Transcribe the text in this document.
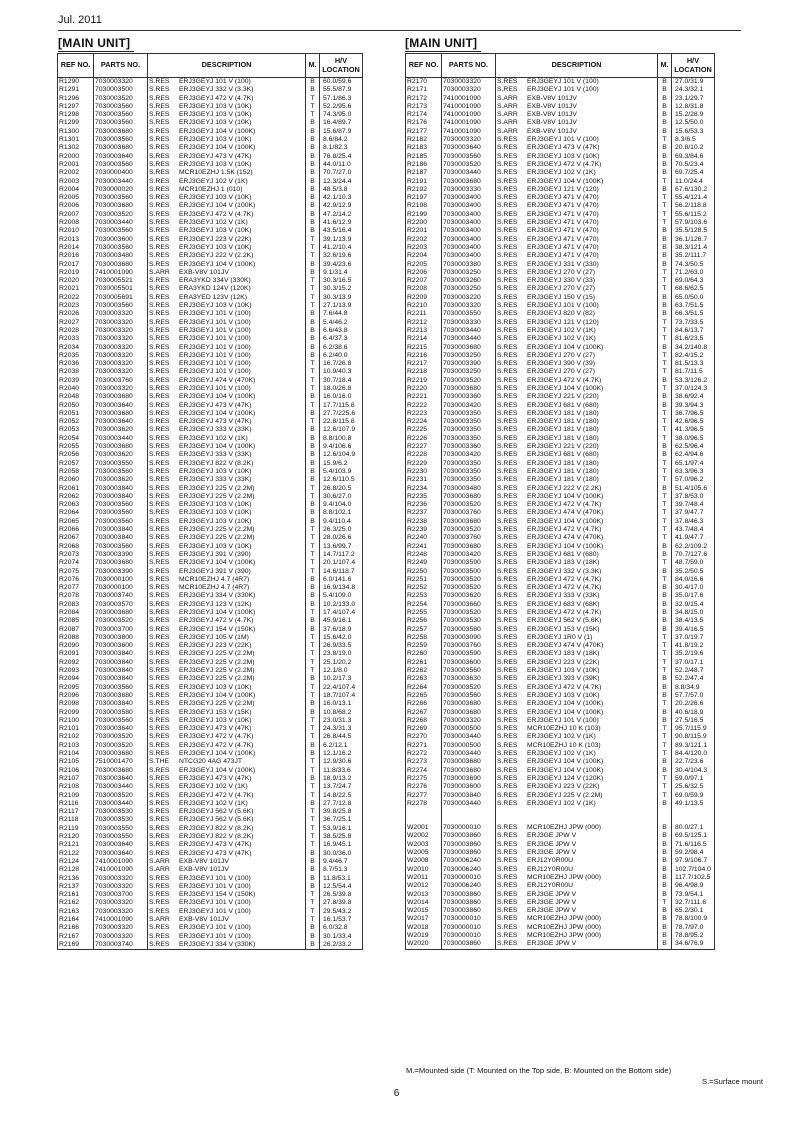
Jul. 2011
[MAIN UNIT]	[MAIN UNIT]
REF NO.	PARTS NO.	DESCRIPTION	M.	H/V LOCATION
R1290	7030003320	S.RES ERJ3GEYJ 101 V (100)	B	60.0/59.6
R1291	7030003500	S.RES ERJ3GEYJ 332 V (3.3K)	B	55.5/87.9
R1296	7030003520	S.RES ERJ3GEYJ 472 V (4.7K)	T	57.1/86.3
R1297	7030003560	S.RES ERJ3GEYJ 103 V (10K)	T	52.2/95.6
R1298	7030003560	S.RES ERJ3GEYJ 103 V (10K)	T	74.3/95.0
R1299	7030003560	S.RES ERJ3GEYJ 103 V (10K)	B	16.4/89.7
R1300	7030003680	S.RES ERJ3GEYJ 104 V (100K)	B	15.6/87.9
R1301	7030003560	S.RES ERJ3GEYJ 103 V (10K)	B	8.6/84.2
R1302	7030003680	S.RES ERJ3GEYJ 104 V (100K)	B	8.1/82.3
R2000	7030003640	S.RES ERJ3GEYJ 473 V (47K)	B	76.8/25.4
R2001	7030003560	S.RES ERJ3GEYJ 103 V (10K)	B	44.0/11.0
R2002	7030000400	S.RES MCR10EZHJ 1.5K (152)	B	70.7/27.0
R2003	7030003440	S.RES ERJ3GEYJ 102 V (1K)	B	12.3/24.4
R2004	7030000020	S.RES MCR10EZHJ 1 (010)	B	48.5/3.8
R2005	7030003560	S.RES ERJ3GEYJ 103 V (10K)	B	42.1/10.3
R2006	7030003680	S.RES ERJ3GEYJ 104 V (100K)	B	42.9/12.9
R2007	7030003520	S.RES ERJ3GEYJ 472 V (4.7K)	B	47.2/14.2
R2008	7030003440	S.RES ERJ3GEYJ 102 V (1K)	B	41.6/12.9
R2010	7030003560	S.RES ERJ3GEYJ 103 V (10K)	B	43.5/16.4
R2013	7030003600	S.RES ERJ3GEYJ 223 V (22K)	T	39.1/13.9
R2014	7030003560	S.RES ERJ3GEYJ 103 V (10K)	T	41.2/10.4
R2016	7030003480	S.RES ERJ3GEYJ 222 V (2.2K)	T	32.6/19.6
R2017	7030003680	S.RES ERJ3GEYJ 104 V (100K)	B	39.4/23.6
R2019	7410001090	S.ARR EXB-V8V 101JV	B	9.1/31.4
R2020	7030005521	S.RES ERA3YKD 334V (330K)	T	30.3/16.5
R2021	7030005501	S.RES ERA3YKD 124V (120K)	T	30.3/15.2
R2022	7030005691	S.RES ERA3YED 123V (12K)	T	30.3/13.9
R2023	7030003560	S.RES ERJ3GEYJ 103 V (10K)	T	27.1/13.9
R2026	7030003320	S.RES ERJ3GEYJ 101 V (100)	B	7.6/44.8
R2027	7030003320	S.RES ERJ3GEYJ 101 V (100)	B	5.4/46.2
R2028	7030003320	S.RES ERJ3GEYJ 101 V (100)	B	6.6/43.8
R2033	7030003320	S.RES ERJ3GEYJ 101 V (100)	B	6.4/37.3
R2034	7030003320	S.RES ERJ3GEYJ 101 V (100)	B	6.2/38.6
R2035	7030003320	S.RES ERJ3GEYJ 101 V (100)	B	6.2/40.0
R2036	7030003320	S.RES ERJ3GEYJ 101 V (100)	T	16.7/26.8
R2038	7030003320	S.RES ERJ3GEYJ 101 V (100)	T	10.9/40.3
R2039	7030003760	S.RES ERJ3GEYJ 474 V (470K)	T	30.7/18.4
R2040	7030003320	S.RES ERJ3GEYJ 101 V (100)	T	18.0/26.8
R2048	7030003680	S.RES ERJ3GEYJ 104 V (100K)	B	16.0/16.0
R2050	7030003640	S.RES ERJ3GEYJ 473 V (47K)	T	17.7/115.6
R2051	7030003680	S.RES ERJ3GEYJ 104 V (100K)	B	27.7/225.6
R2052	7030003640	S.RES ERJ3GEYJ 473 V (47K)	T	22.8/115.6
R2053	7030003620	S.RES ERJ3GEYJ 333 V (33K)	B	12.6/107.9
R2054	7030003440	S.RES ERJ3GEYJ 102 V (1K)	B	8.8/100.8
R2055	7030003680	S.RES ERJ3GEYJ 104 V (100K)	B	9.4/106.6
R2056	7030003620	S.RES ERJ3GEYJ 333 V (33K)	B	12.6/104.9
R2057	7030003550	S.RES ERJ3GEYJ 822 V (8.2K)	B	15.9/6.2
R2058	7030003560	S.RES ERJ3GEYJ 103 V (10K)	B	5.4/103.9
R2060	7030003620	S.RES ERJ3GEYJ 333 V (33K)	B	12.6/110.5
R2061	7030003840	S.RES ERJ3GEYJ 225 V (2.2M)	T	26.8/20.5
R2062	7030003840	S.RES ERJ3GEYJ 225 V (2.2M)	T	30.6/27.0
R2063	7030003560	S.RES ERJ3GEYJ 103 V (10K)	B	9.4/104.0
R2064	7030003560	S.RES ERJ3GEYJ 103 V (10K)	B	8.8/102.1
R2065	7030003560	S.RES ERJ3GEYJ 103 V (10K)	B	9.4/110.4
R2066	7030003840	S.RES ERJ3GEYJ 225 V (2.2M)	T	26.3/25.0
R2067	7030003840	S.RES ERJ3GEYJ 225 V (2.2M)	T	28.0/26.6
R2068	7030003560	S.RES ERJ3GEYJ 103 V (10K)	T	13.6/99.7
R2073	7030003390	S.RES ERJ3GEYJ 391 V (390)	T	14.7/117.2
R2074	7030003680	S.RES ERJ3GEYJ 104 V (100K)	T	20.1/107.4
R2075	7030003390	S.RES ERJ3GEYJ 391 V (390)	T	14.6/118.7
R2076	7030000100	S.RES MCR10EZHJ 4.7 (4R7)	B	6.0/141.6
R2077	7030000100	S.RES MCR10EZHJ 4.7 (4R7)	B	16.9/134.8
R2078	7030003740	S.RES ERJ3GEYJ 334 V (330K)	B	5.4/109.0
R2083	7030003570	S.RES ERJ3GEYJ 123 V (12K)	B	10.2/133.0
R2084	7030003680	S.RES ERJ3GEYJ 104 V (100K)	T	17.4/107.4
R2085	7030003520	S.RES ERJ3GEYJ 472 V (4.7K)	B	45.9/16.1
R2087	7030003700	S.RES ERJ3GEYJ 154 V (150K)	B	37.6/18.9
R2088	7030003800	S.RES ERJ3GEYJ 105 V (1M)	T	15.6/42.0
R2090	7030003600	S.RES ERJ3GEYJ 223 V (22K)	T	26.9/33.5
R2091	7030003840	S.RES ERJ3GEYJ 225 V (2.2M)	T	23.8/19.0
R2092	7030003840	S.RES ERJ3GEYJ 225 V (2.2M)	T	25.1/20.2
R2093	7030003840	S.RES ERJ3GEYJ 225 V (2.2M)	T	12.1/8.0
R2094	7030003840	S.RES ERJ3GEYJ 225 V (2.2M)	B	10.2/17.3
R2095	7030003560	S.RES ERJ3GEYJ 103 V (10K)	T	22.4/107.4
R2096	7030003680	S.RES ERJ3GEYJ 104 V (100K)	T	18.7/107.4
R2098	7030003840	S.RES ERJ3GEYJ 225 V (2.2M)	B	16.0/13.1
R2099	7030003580	S.RES ERJ3GEYJ 153 V (15K)	B	10.8/68.2
R2100	7030003560	S.RES ERJ3GEYJ 103 V (10K)	T	23.0/31.3
R2101	7030003640	S.RES ERJ3GEYJ 473 V (47K)	T	24.3/31.3
R2102	7030003520	S.RES ERJ3GEYJ 472 V (4.7K)	T	26.8/44.5
R2103	7030003520	S.RES ERJ3GEYJ 472 V (4.7K)	B	6.2/12.1
R2104	7030003680	S.RES ERJ3GEYJ 104 V (100K)	B	12.1/16.2
R2105	7510001470	S.THE NTCG20 4AG 473JT	T	12.9/30.6
R2106	7030003680	S.RES ERJ3GEYJ 104 V (100K)	T	11.8/33.6
R2107	7030003640	S.RES ERJ3GEYJ 473 V (47K)	B	18.9/13.2
R2108	7030003440	S.RES ERJ3GEYJ 102 V (1K)	T	13.7/24.7
R2109	7030003520	S.RES ERJ3GEYJ 472 V (4.7K)	T	14.8/22.5
R2116	7030003440	S.RES ERJ3GEYJ 102 V (1K)	B	27.7/12.8
R2117	7030003530	S.RES ERJ3GEYJ 562 V (5.6K)	T	39.8/25.8
R2118	7030003530	S.RES ERJ3GEYJ 562 V (5.6K)	T	36.7/25.1
R2119	7030003550	S.RES ERJ3GEYJ 822 V (8.2K)	T	53.9/16.1
R2120	7030003550	S.RES ERJ3GEYJ 822 V (8.2K)	T	38.5/25.8
R2121	7030003640	S.RES ERJ3GEYJ 473 V (47K)	T	16.9/45.1
R2122	7030003640	S.RES ERJ3GEYJ 473 V (47K)	B	30.0/36.0
R2124	7410001090	S.ARR EXB-V8V 101JV	B	9.4/46.7
R2128	7410001090	S.ARR EXB-V8V 101JV	B	8.7/51.3
R2136	7030003320	S.RES ERJ3GEYJ 101 V (100)	B	11.8/53.1
R2137	7030003320	S.RES ERJ3GEYJ 101 V (100)	B	12.5/54.4
R2161	7030003700	S.RES ERJ3GEYJ 154 V (150K)	T	26.5/39.8
R2162	7030003320	S.RES ERJ3GEYJ 101 V (100)	T	27.8/39.8
R2163	7030003320	S.RES ERJ3GEYJ 101 V (100)	T	29.5/43.2
R2164	7410001090	S.ARR EXB-V8V 101JV	T	16.1/53.7
R2166	7030003320	S.RES ERJ3GEYJ 101 V (100)	B	6.0/32.8
R2167	7030003320	S.RES ERJ3GEYJ 101 V (100)	B	30.1/33.4
R2169	7030003740	S.RES ERJ3GEYJ 334 V (330K)	B	26.2/33.2
REF NO.	PARTS NO.	DESCRIPTION	M.	H/V LOCATION
R2170	7030003320	S.RES ERJ3GEYJ 101 V (100)	B	27.0/31.9
R2171	7030003320	S.RES ERJ3GEYJ 101 V (100)	B	24.3/32.1
R2172	7410001090	S.ARR EXB-V8V 101JV	B	23.1/29.7
R2173	7410001090	S.ARR EXB-V8V 101JV	B	12.8/31.8
R2174	7410001090	S.ARR EXB-V8V 101JV	B	15.2/28.9
R2176	7410001090	S.ARR EXB-V8V 101JV	B	12.5/50.0
R2177	7410001090	S.ARR EXB-V8V 101JV	B	15.6/53.3
R2182	7030003320	S.RES ERJ3GEYJ 101 V (100)	T	8.3/6.5
R2183	7030003640	S.RES ERJ3GEYJ 473 V (47K)	B	20.8/10.2
R2185	7030003560	S.RES ERJ3GEYJ 103 V (10K)	B	69.3/84.6
R2186	7030003520	S.RES ERJ3GEYJ 472 V (4.7K)	B	70.5/23.4
R2187	7030003440	S.RES ERJ3GEYJ 102 V (1K)	B	69.7/25.4
R2191	7030003680	S.RES ERJ3GEYJ 104 V (100K)	T	11.0/24.4
R2192	7030003330	S.RES ERJ3GEYJ 121 V (120)	B	67.6/130.2
R2197	7030003400	S.RES ERJ3GEYJ 471 V (470)	T	55.4/121.4
R2198	7030003400	S.RES ERJ3GEYJ 471 V (470)	T	56.2/118.8
R2199	7030003400	S.RES ERJ3GEYJ 471 V (470)	T	55.6/115.2
R2200	7030003400	S.RES ERJ3GEYJ 471 V (470)	T	57.9/103.6
R2201	7030003400	S.RES ERJ3GEYJ 471 V (470)	B	35.5/128.5
R2202	7030003400	S.RES ERJ3GEYJ 471 V (470)	B	36.1/126.7
R2203	7030003400	S.RES ERJ3GEYJ 471 V (470)	B	38.3/121.4
R2204	7030003400	S.RES ERJ3GEYJ 471 V (470)	B	35.2/111.7
R2205	7030003380	S.RES ERJ3GEYJ 331 V (330)	B	74.3/50.5
R2206	7030003250	S.RES ERJ3GEYJ 270 V (27)	T	71.2/63.0
R2207	7030003260	S.RES ERJ3GEYJ 330 V (33)	T	69.0/64.3
R2208	7030003250	S.RES ERJ3GEYJ 270 V (27)	T	68.6/62.5
R2209	7030003220	S.RES ERJ3GEYJ 150 V (15)	B	65.0/50.0
R2210	7030003320	S.RES ERJ3GEYJ 101 V (100)	B	63.7/51.5
R2211	7030003550	S.RES ERJ3GEYJ 820 V (82)	B	66.3/51.5
R2212	7030003330	S.RES ERJ3GEYJ 121 V (120)	T	73.7/33.5
R2213	7030003440	S.RES ERJ3GEYJ 102 V (1K)	T	84.6/13.7
R2214	7030003440	S.RES ERJ3GEYJ 102 V (1K)	T	81.6/23.5
R2215	7030003680	S.RES ERJ3GEYJ 104 V (100K)	B	34.2/140.8
R2216	7030003250	S.RES ERJ3GEYJ 270 V (27)	T	82.4/15.2
R2217	7030003390	S.RES ERJ3GEYJ 390 V (39)	T	81.5/13.3
R2218	7030003250	S.RES ERJ3GEYJ 270 V (27)	T	81.7/11.5
R2219	7030003520	S.RES ERJ3GEYJ 472 V (4.7K)	B	53.3/126.2
R2220	7030003680	S.RES ERJ3GEYJ 104 V (100K)	T	37.0/124.3
R2221	7030003360	S.RES ERJ3GEYJ 221 V (220)	B	38.6/92.4
R2222	7030003420	S.RES ERJ3GEYJ 681 V (680)	B	39.3/94.3
R2223	7030003350	S.RES ERJ3GEYJ 181 V (180)	T	36.7/96.5
R2224	7030003350	S.RES ERJ3GEYJ 181 V (180)	T	42.6/96.5
R2225	7030003350	S.RES ERJ3GEYJ 181 V (180)	T	41.3/96.5
R2226	7030003350	S.RES ERJ3GEYJ 181 V (180)	T	38.0/96.5
R2227	7030003360	S.RES ERJ3GEYJ 221 V (220)	B	62.5/96.4
R2228	7030003420	S.RES ERJ3GEYJ 681 V (680)	B	62.4/94.6
R2229	7030003350	S.RES ERJ3GEYJ 181 V (180)	T	65.1/97.4
R2230	7030003350	S.RES ERJ3GEYJ 181 V (180)	T	63.3/96.3
R2231	7030003350	S.RES ERJ3GEYJ 181 V (180)	T	57.0/96.2
R2234	7030003480	S.RES ERJ3GEYJ 222 V (2.2K)	B	51.4/105.6
R2235	7030003680	S.RES ERJ3GEYJ 104 V (100K)	T	37.8/53.0
R2236	7030003520	S.RES ERJ3GEYJ 472 V (4.7K)	T	39.7/48.4
R2237	7030003760	S.RES ERJ3GEYJ 474 V (470K)	T	37.9/47.7
R2238	7030003680	S.RES ERJ3GEYJ 104 V (100K)	T	37.8/46.3
R2239	7030003520	S.RES ERJ3GEYJ 472 V (4.7K)	T	43.7/48.4
R2240	7030003760	S.RES ERJ3GEYJ 474 V (470K)	T	41.9/47.7
R2241	7030003680	S.RES ERJ3GEYJ 104 V (100K)	B	62.2/109.2
R2248	7030003420	S.RES ERJ3GEYJ 681 V (680)	B	70.7/127.6
R2249	7030003590	S.RES ERJ3GEYJ 183 V (18K)	T	48.7/59.0
R2250	7030003500	S.RES ERJ3GEYJ 332 V (3.3K)	B	35.2/50.5
R2251	7030003520	S.RES ERJ3GEYJ 472 V (4.7K)	T	84.0/16.6
R2252	7030003520	S.RES ERJ3GEYJ 472 V (4.7K)	B	30.4/17.0
R2253	7030003620	S.RES ERJ3GEYJ 333 V (33K)	B	35.0/17.6
R2254	7030003660	S.RES ERJ3GEYJ 683 V (68K)	B	32.9/15.4
R2255	7030003520	S.RES ERJ3GEYJ 472 V (4.7K)	B	34.8/15.0
R2256	7030003530	S.RES ERJ3GEYJ 562 V (5.6K)	B	38.4/13.5
R2257	7030003580	S.RES ERJ3GEYJ 153 V (15K)	B	39.4/16.5
R2258	7030003090	S.RES ERJ3GEYJ 1R0 V (1)	T	37.0/19.7
R2259	7030003760	S.RES ERJ3GEYJ 474 V (470K)	T	41.8/19.2
R2260	7030003590	S.RES ERJ3GEYJ 183 V (18K)	T	35.2/19.6
R2261	7030003600	S.RES ERJ3GEYJ 223 V (22K)	T	37.0/17.1
R2262	7030003560	S.RES ERJ3GEYJ 103 V (10K)	T	52.2/48.7
R2263	7030003630	S.RES ERJ3GEYJ 393 V (39K)	B	52.2/47.4
R2264	7030003520	S.RES ERJ3GEYJ 472 V (4.7K)	B	8.8/34.9
R2265	7030003560	S.RES ERJ3GEYJ 103 V (10K)	B	57.7/57.0
R2266	7030003680	S.RES ERJ3GEYJ 104 V (100K)	T	20.2/26.6
R2267	7030003680	S.RES ERJ3GEYJ 104 V (100K)	B	40.6/18.9
R2268	7030003320	S.RES ERJ3GEYJ 101 V (100)	B	27.5/16.5
R2269	7030000500	S.RES MCR10EZHJ 10 K (103)	T	95.7/115.9
R2270	7030003440	S.RES ERJ3GEYJ 102 V (1K)	T	90.8/115.9
R2271	7030000500	S.RES MCR10EZHJ 10 K (103)	T	89.3/121.1
R2272	7030003440	S.RES ERJ3GEYJ 102 V (1K)	T	84.4/120.0
R2273	7030003680	S.RES ERJ3GEYJ 104 V (100K)	B	22.7/23.6
R2274	7030003680	S.RES ERJ3GEYJ 104 V (100K)	B	30.4/104.3
R2275	7030003690	S.RES ERJ3GEYJ 124 V (120K)	T	59.0/97.1
R2276	7030003600	S.RES ERJ3GEYJ 223 V (22K)	T	25.6/32.5
R2277	7030003840	S.RES ERJ3GEYJ 225 V (2.2M)	T	69.0/59.9
R2278	7030003440	S.RES ERJ3GEYJ 102 V (1K)	B	49.1/13.5

W2001	7030000010	S.RES MCR10EZHJ JPW (000)	B	80.0/27.1
W2002	7030003860	S.RES ERJ3GE JPW V	B	69.5/125.1
W2003	7030003860	S.RES ERJ3GE JPW V	B	71.6/116.5
W2005	7030003860	S.RES ERJ3GE JPW V	B	59.2/98.4
W2008	7030006240	S.RES ERJ12Y0R00U	B	97.9/106.7
W2010	7030006240	S.RES ERJ12Y0R00U	B	102.7/104.0
W2011	7030000010	S.RES MCR10EZHJ JPW (000)	B	117.7/102.5
W2012	7030006240	S.RES ERJ12Y0R00U	B	96.4/98.9
W2013	7030003860	S.RES ERJ3GE JPW V	B	73.9/54.1
W2014	7030003860	S.RES ERJ3GE JPW V	T	32.7/111.6
W2015	7030003860	S.RES ERJ3GE JPW V	B	65.2/30.1
W2017	7030000010	S.RES MCR10EZHJ JPW (000)	B	78.8/100.9
W2018	7030000010	S.RES MCR10EZHJ JPW (000)	B	78.7/97.0
W2019	7030000010	S.RES MCR10EZHJ JPW (000)	B	78.8/95.2
W2020	7030003860	S.RES ERJ3GE JPW V	B	34.6/76.9
M.=Mounted side (T: Mounted on the Top side, B: Mounted on the Bottom side)
S.=Surface mount
6
